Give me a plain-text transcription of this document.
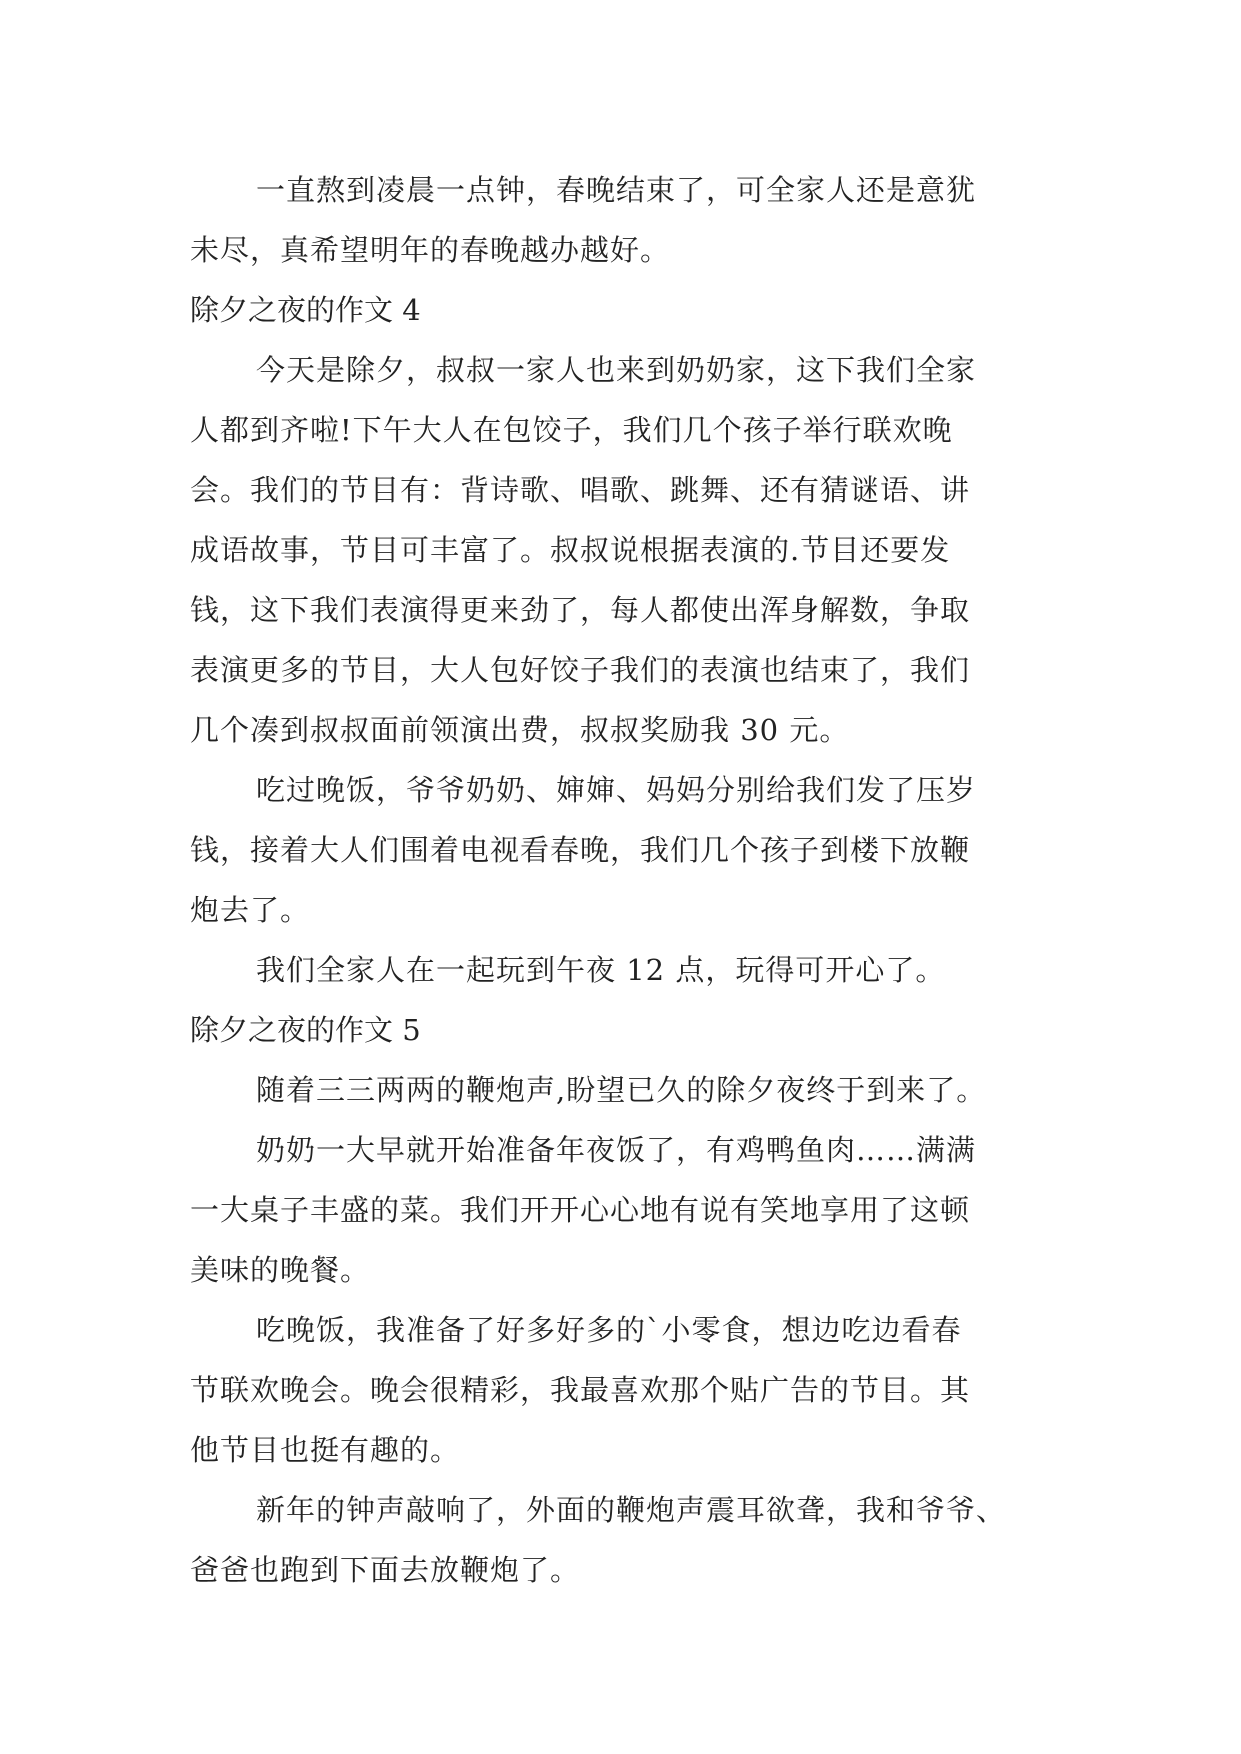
一直熬到凌晨一点钟，春晚结束了，可全家人还是意犹
未尽，真希望明年的春晚越办越好。
除夕之夜的作文 4
今天是除夕，叔叔一家人也来到奶奶家，这下我们全家
人都到齐啦!下午大人在包饺子，我们几个孩子举行联欢晚
会。我们的节目有：背诗歌、唱歌、跳舞、还有猜谜语、讲
成语故事，节目可丰富了。叔叔说根据表演的.节目还要发
钱，这下我们表演得更来劲了，每人都使出浑身解数，争取
表演更多的节目，大人包好饺子我们的表演也结束了，我们
几个凑到叔叔面前领演出费，叔叔奖励我 30 元。
吃过晚饭，爷爷奶奶、婶婶、妈妈分别给我们发了压岁
钱，接着大人们围着电视看春晚，我们几个孩子到楼下放鞭
炮去了。
我们全家人在一起玩到午夜 12 点，玩得可开心了。
除夕之夜的作文 5
随着三三两两的鞭炮声,盼望已久的除夕夜终于到来了。
奶奶一大早就开始准备年夜饭了，有鸡鸭鱼肉……满满
一大桌子丰盛的菜。我们开开心心地有说有笑地享用了这顿
美味的晚餐。
吃晚饭，我准备了好多好多的`小零食，想边吃边看春
节联欢晚会。晚会很精彩，我最喜欢那个贴广告的节目。其
他节目也挺有趣的。
新年的钟声敲响了，外面的鞭炮声震耳欲聋，我和爷爷、
爸爸也跑到下面去放鞭炮了。
